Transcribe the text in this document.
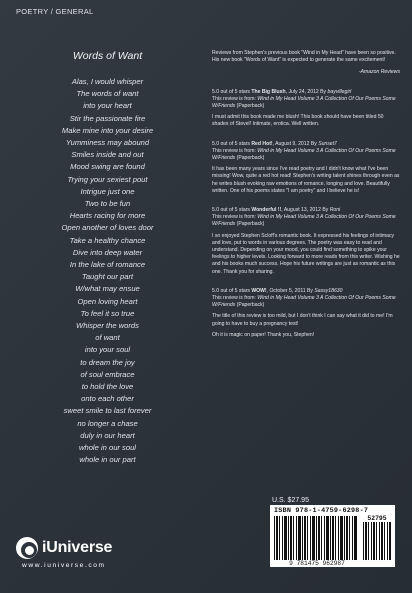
POETRY / GENERAL
Words of Want
Alas, I would whisper
The words of want
into your heart
Stir the passionate fire
Make mine into your desire
Yumminess may abound
Smiles inside and out
Mood swing are found
Trying your sexiest pout
Intrigue just one
Two to be fun
Hearts racing for more
Open another of loves door
Take a healthy chance
Dive into deep water
In the lake of romance
Taught our part
W/what may ensue
Open loving heart
To feel it so true
Whisper the words
of want
into your soul
to dream the joy
of soul embrace
to hold the love
onto each other
sweet smile to last forever
no longer a chase
duly in our heart
whole in our soul
whole in our part

Reviews from Stephen's previous book "Wind in My Head" have been so positive. His new book "Words of Want" is expected to generate the same excitement!

-Amazon Reviews

5.0 out of 5 stars The Big Blush, July 24, 2012 By bayvillegirl

This review is from: Wind in My Head Volume 3 A Collection Of Our Poems Some W/Friends (Paperback)

I must admit this book made me blush! This book should have been titled 50 shades of Stevel! Intimate, erotica. Well written.

5.0 out of 5 stars Red Hot!, August 9, 2012 By Sunset7

This review is from: Wind in My Head Volume 3 A Collection Of Our Poems Some W/Friends (Paperback)

It has been many years since I've read poetry and I didn't know what I've been missing! Wow, quite a red hot read! Stephen's writing talent shines through even as he writes blush evoking raw emotions of romance, longing and love. Beautifully written. One of his poems states "I am poetry" and I believe he is!

5.0 out of 5 stars Wonderful !!, August 13, 2012 By Roni

This review is from: Wind in My Head Volume 3 A Collection Of Our Poems Some W/Friends (Paperback)

I so enjoyed Stephen Scloff's romantic book. It expressed his feelings of intimacy and love, put to words in various degrees. The poetry was easy to read and understand. Depending on your mood, you could find something to spike your feelings to higher levels. Looking forward to more reads from this writer. Wishing he and his books much success. Hope his future writings are just as romantic as this one. Thank you for sharing.

5.0 out of 5 stars WOW!, October 5, 2011 By Sassy18630

This review is from: Wind in My Head Volume 3 A Collection Of Our Poems Some W/Friends (Paperback)

The title of this review is too mild, but I don't think I can say what it did to me! I'm going to have to buy a pregnancy test!

Oh it is magic on paper! Thank you, Stephen!

U.S. $27.95
ISBN 978-1-4759-6298-7
52795
9 781475 962987
iUniverse
www.iuniverse.com
